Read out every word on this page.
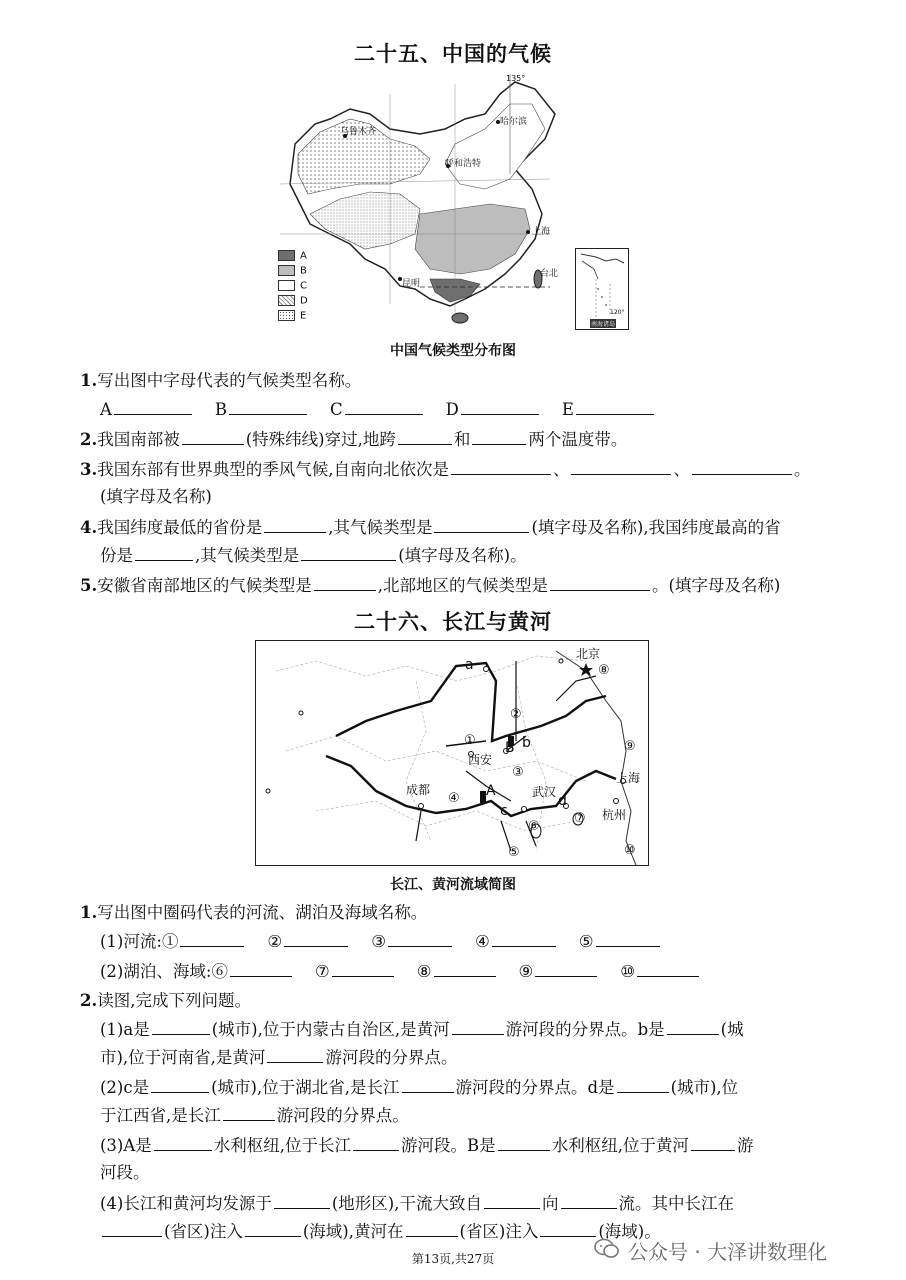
二十五、中国的气候
乌鲁木齐
哈尔滨
呼和浩特
上海
台北
昆明
135°
A
B
C
D
E	120°
南海诸岛
中国气候类型分布图
1.写出图中字母代表的气候类型名称。
A	B	C	D	E
2.我国南部被	(特殊纬线)穿过,地跨	和	两个温度带。
3.我国东部有世界典型的季风气候,自南向北依次是	、	、	。
(填字母及名称)
4.我国纬度最低的省份是	,其气候类型是	(填字母及名称),我国纬度最高的省
份是	,其气候类型是	(填字母及名称)。
5.安徽省南部地区的气候类型是	,北部地区的气候类型是	。(填字母及名称)
二十六、长江与黄河
北京
a	⑧
②
① B b	⑨
西安
③	上海
成都
④ A	武汉
d
杭州
c
⑥
⑦
⑤	⑩
长江、黄河流域简图
1.写出图中圈码代表的河流、湖泊及海域名称。
(1)河流:①	②	③	④	⑤
(2)湖泊、海域:⑥	⑦	⑧	⑨	⑩
2.读图,完成下列问题。
(1)a是	(城市),位于内蒙古自治区,是黄河	游河段的分界点。b是	(城
市),位于河南省,是黄河	游河段的分界点。
(2)c是	(城市),位于湖北省,是长江	游河段的分界点。d是	(城市),位
于江西省,是长江	游河段的分界点。
(3)A是	水利枢纽,位于长江	游河段。B是	水利枢纽,位于黄河	游
河段。
(4)长江和黄河均发源于	(地形区),干流大致自	向	流。其中长江在
(省区)注入	(海域),黄河在	(省区)注入	(海域)。
第13页,共27页	公众号 · 大泽讲数理化
